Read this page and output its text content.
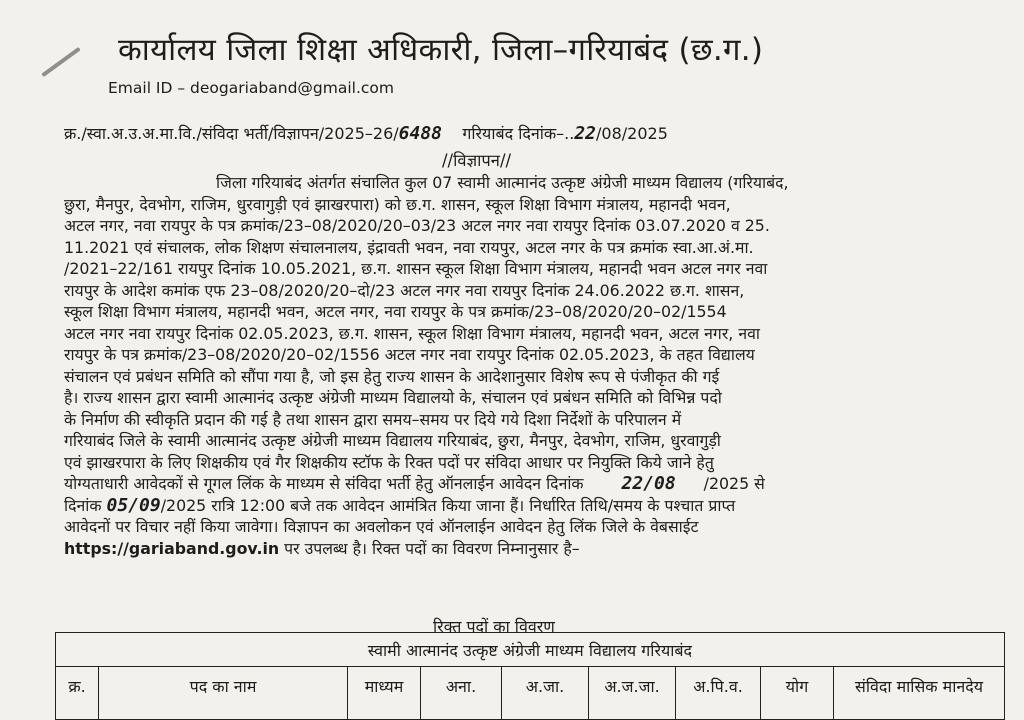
कार्यालय जिला शिक्षा अधिकारी, जिला–गरियाबंद (छ.ग.)
Email ID – deogariaband@gmail.com
क्र./स्वा.अ.उ.अ.मा.वि./संविदा भर्ती/विज्ञापन/2025–26/6488 गरियाबंद दिनांक–..22/08/2025
//विज्ञापन//
जिला गरियाबंद अंतर्गत संचालित कुल 07 स्वामी आत्मानंद उत्कृष्ट अंग्रेजी माध्यम विद्यालय (गरियाबंद,
छुरा, मैनपुर, देवभोग, राजिम, धुरवागुड़ी एवं झाखरपारा) को छ.ग. शासन, स्कूल शिक्षा विभाग मंत्रालय, महानदी भवन,
अटल नगर, नवा रायपुर के पत्र क्रमांक/23–08/2020/20–03/23 अटल नगर नवा रायपुर दिनांक 03.07.2020 व 25.
11.2021 एवं संचालक, लोक शिक्षण संचालनालय, इंद्रावती भवन, नवा रायपुर, अटल नगर के पत्र क्रमांक स्वा.आ.अं.मा.
/2021–22/161 रायपुर दिनांक 10.05.2021, छ.ग. शासन स्कूल शिक्षा विभाग मंत्रालय, महानदी भवन अटल नगर नवा
रायपुर के आदेश कमांक एफ 23–08/2020/20–दो/23 अटल नगर नवा रायपुर दिनांक 24.06.2022 छ.ग. शासन,
स्कूल शिक्षा विभाग मंत्रालय, महानदी भवन, अटल नगर, नवा रायपुर के पत्र क्रमांक/23–08/2020/20–02/1554
अटल नगर नवा रायपुर दिनांक 02.05.2023, छ.ग. शासन, स्कूल शिक्षा विभाग मंत्रालय, महानदी भवन, अटल नगर, नवा
रायपुर के पत्र क्रमांक/23–08/2020/20–02/1556 अटल नगर नवा रायपुर दिनांक 02.05.2023, के तहत विद्यालय
संचालन एवं प्रबंधन समिति को सौंपा गया है, जो इस हेतु राज्य शासन के आदेशानुसार विशेष रूप से पंजीकृत की गई
है। राज्य शासन द्वारा स्वामी आत्मानंद उत्कृष्ट अंग्रेजी माध्यम विद्यालयो के, संचालन एवं प्रबंधन समिति को विभिन्न पदो
के निर्माण की स्वीकृति प्रदान की गई है तथा शासन द्वारा समय–समय पर दिये गये दिशा निर्देशों के परिपालन में
गरियाबंद जिले के स्वामी आत्मानंद उत्कृष्ट अंग्रेजी माध्यम विद्यालय गरियाबंद, छुरा, मैनपुर, देवभोग, राजिम, धुरवागुड़ी
एवं झाखरपारा के लिए शिक्षकीय एवं गैर शिक्षकीय स्टॉफ के रिक्त पदों पर संविदा आधार पर नियुक्ति किये जाने हेतु
योग्यताधारी आवेदकों से गूगल लिंक के माध्यम से संविदा भर्ती हेतु ऑनलाईन आवेदन दिनांक 22/08 /2025 से
दिनांक 05/09/2025 रात्रि 12:00 बजे तक आवेदन आमंत्रित किया जाना हैं। निर्धारित तिथि/समय के पश्चात प्राप्त
आवेदनों पर विचार नहीं किया जावेगा। विज्ञापन का अवलोकन एवं ऑनलाईन आवेदन हेतु लिंक जिले के वेबसाईट
https://gariaband.gov.in पर उपलब्ध है। रिक्त पदों का विवरण निम्नानुसार है–
रिक्त पदों का विवरण
स्वामी आत्मानंद उत्कृष्ट अंग्रेजी माध्यम विद्यालय गरियाबंद
क्र.	पद का नाम	माध्यम	अना.	अ.जा.	अ.ज.जा.	अ.पि.व.	योग	संविदा मासिक मानदेय
